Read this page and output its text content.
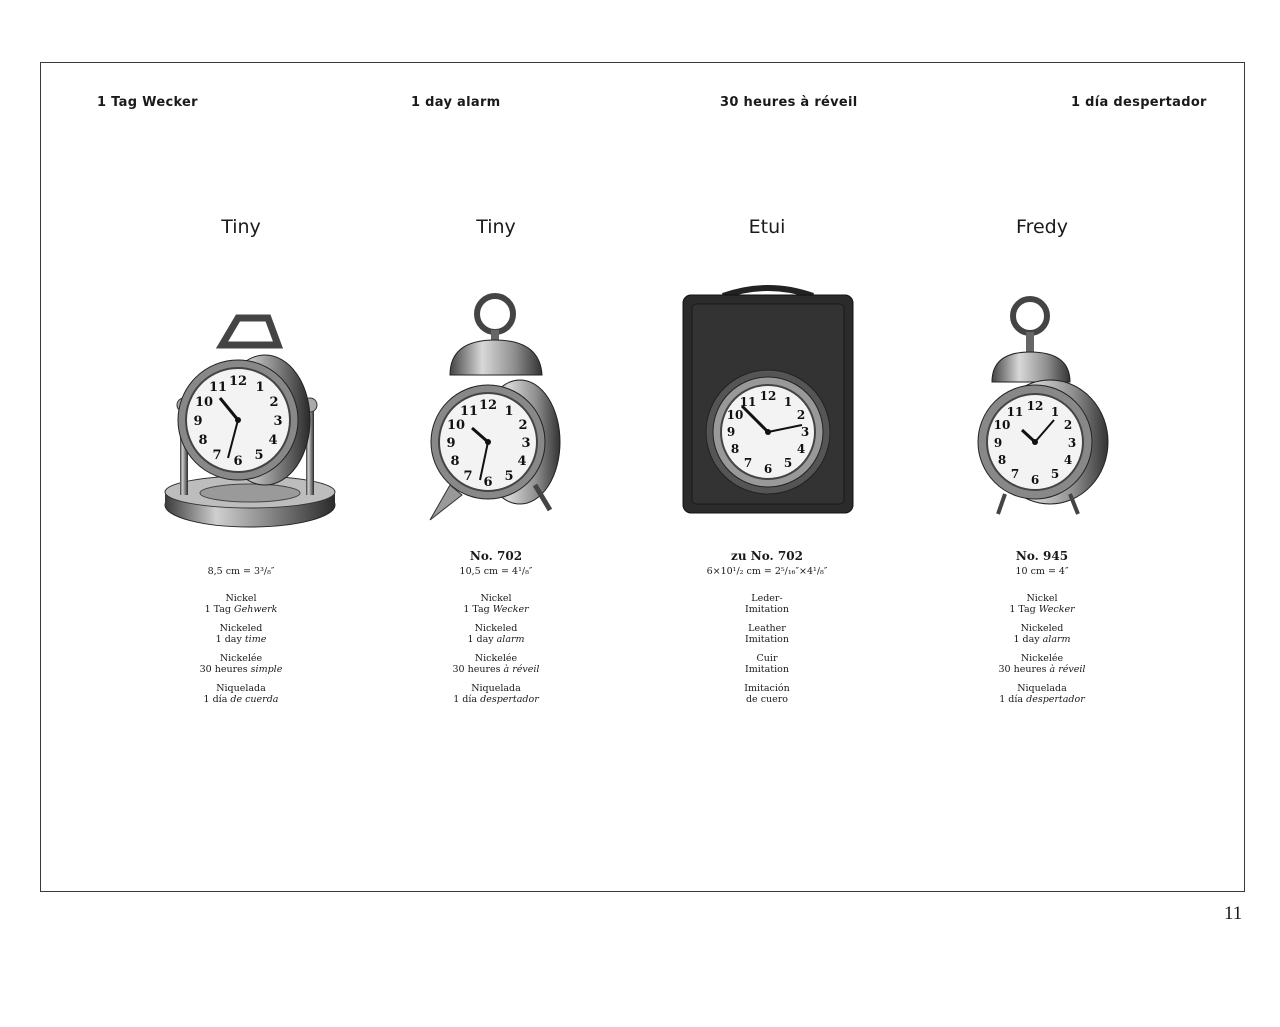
1 Tag Wecker	1 day alarm	30 heures à réveil	1 día despertador
Tiny
8,5 cm = 3³/₈″
Nickel
1 Tag Gehwerk
Nickeled
1 day time
Nickelée
30 heures simple
Niquelada
1 día de cuerda
Tiny
No. 702
10,5 cm = 4¹/₈″
Nickel
1 Tag Wecker
Nickeled
1 day alarm
Nickelée
30 heures à réveil
Niquelada
1 día despertador
Etui
zu No. 702
6×10¹/₂ cm = 2⁵/₁₆″×4¹/₈″
Leder-
Imitation
Leather
Imitation
Cuir
Imitation
Imitación
de cuero
Fredy
No. 945
10 cm = 4″
Nickel
1 Tag Wecker
Nickeled
1 day alarm
Nickelée
30 heures à réveil
Niquelada
1 día despertador
12 1
2
3
4
5
6
7
8
9
10
11
12 1
2
3
4
5
6
7
8
9
10
11
12 1
2
3
4
5
6
7
8
9
10
11	12 1
2
3
4
5
6
7
8
9
10
11
11
